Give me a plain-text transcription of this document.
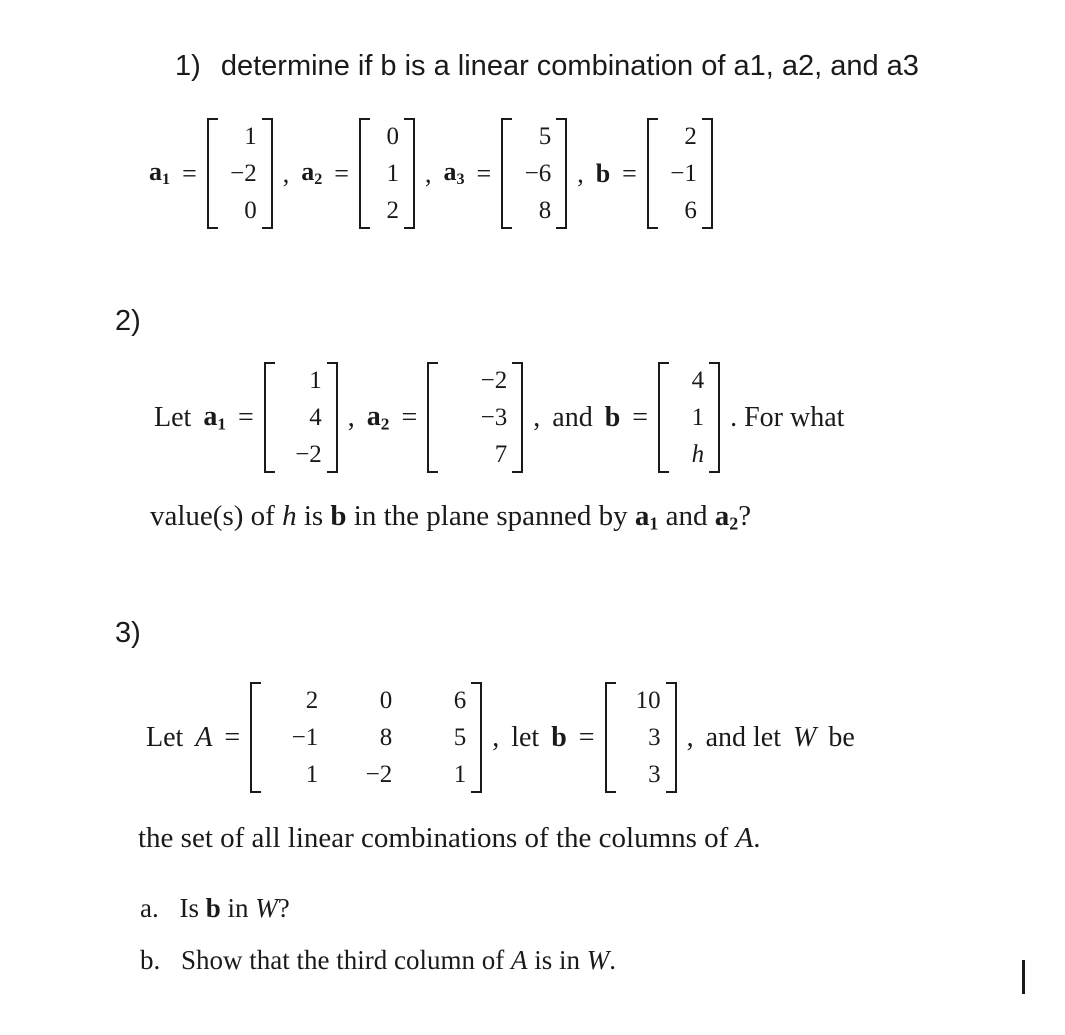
1) determine if b is a linear combination of a1, a2, and a3
$a_1$ =
1
−2
0
, $a_2$ =
0
1
2
, $a_3$ =
5
−6
8
, b =
2
−1
6
2)
Let $a_1$ =
1
4
−2
, $a_2$ =
−2
−3
7
, and b =
4
1
h
. For what
value(s) of h is b in the plane spanned by $a_1$ and $a_2$?
3)
Let A =
2	0	6
−1	8	5
1	−2	1
, let b =
10
3
3
, and let W be
the set of all linear combinations of the columns of A.
a. Is b in W?
b. Show that the third column of A is in W.
